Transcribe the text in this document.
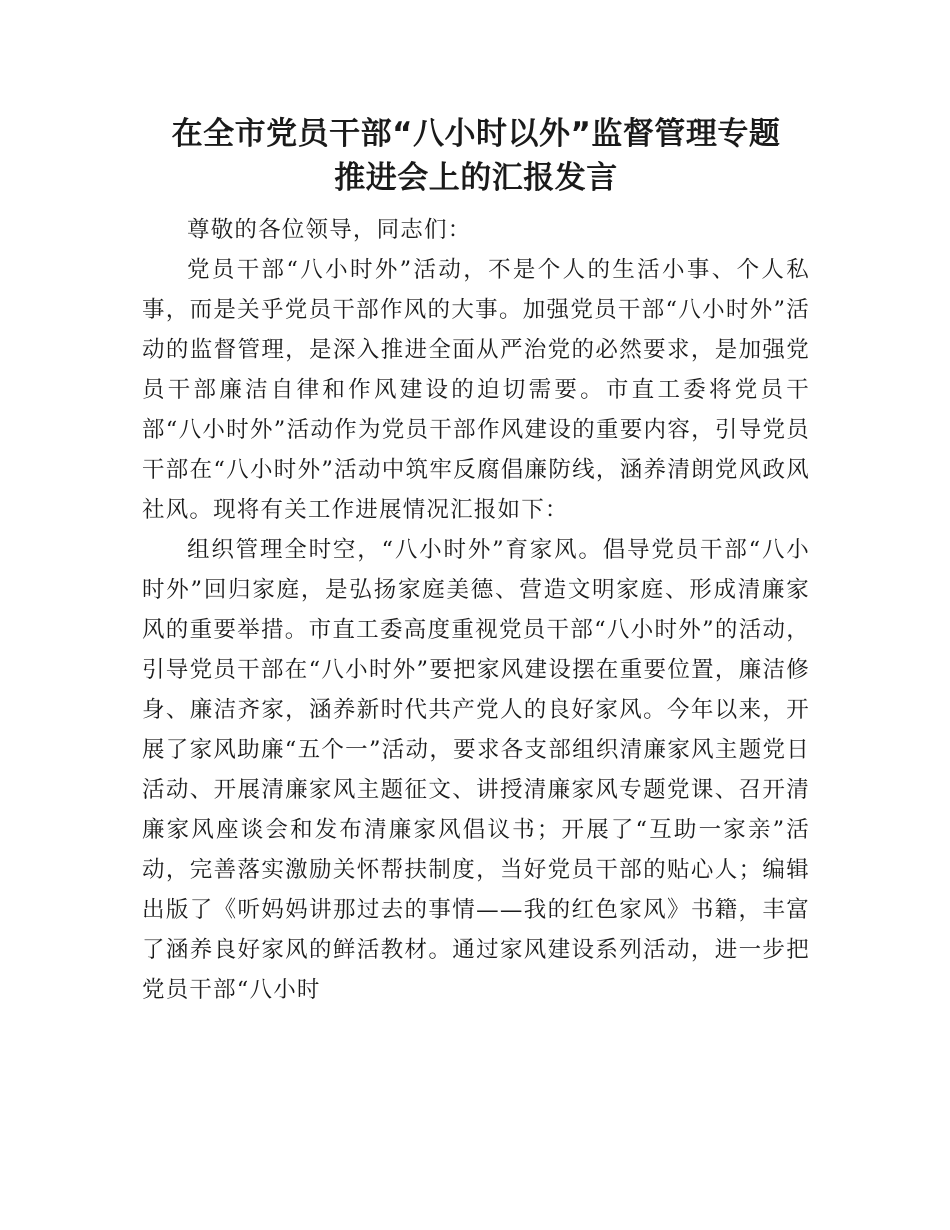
在全市党员干部“八小时以外”监督管理专题
推进会上的汇报发言

尊敬的各位领导，同志们：

党员干部“八小时外”活动，不是个人的生活小事、个人私事，而是关乎党员干部作风的大事。加强党员干部“八小时外”活动的监督管理，是深入推进全面从严治党的必然要求，是加强党员干部廉洁自律和作风建设的迫切需要。市直工委将党员干部“八小时外”活动作为党员干部作风建设的重要内容，引导党员干部在“八小时外”活动中筑牢反腐倡廉防线，涵养清朗党风政风社风。现将有关工作进展情况汇报如下：

组织管理全时空，“八小时外”育家风。倡导党员干部“八小时外”回归家庭，是弘扬家庭美德、营造文明家庭、形成清廉家风的重要举措。市直工委高度重视党员干部“八小时外”的活动，引导党员干部在“八小时外”要把家风建设摆在重要位置，廉洁修身、廉洁齐家，涵养新时代共产党人的良好家风。今年以来，开展了家风助廉“五个一”活动，要求各支部组织清廉家风主题党日活动、开展清廉家风主题征文、讲授清廉家风专题党课、召开清廉家风座谈会和发布清廉家风倡议书；开展了“互助一家亲”活动，完善落实激励关怀帮扶制度，当好党员干部的贴心人；编辑出版了《听妈妈讲那过去的事情——我的红色家风》书籍，丰富了涵养良好家风的鲜活教材。通过家风建设系列活动，进一步把党员干部“八小时
